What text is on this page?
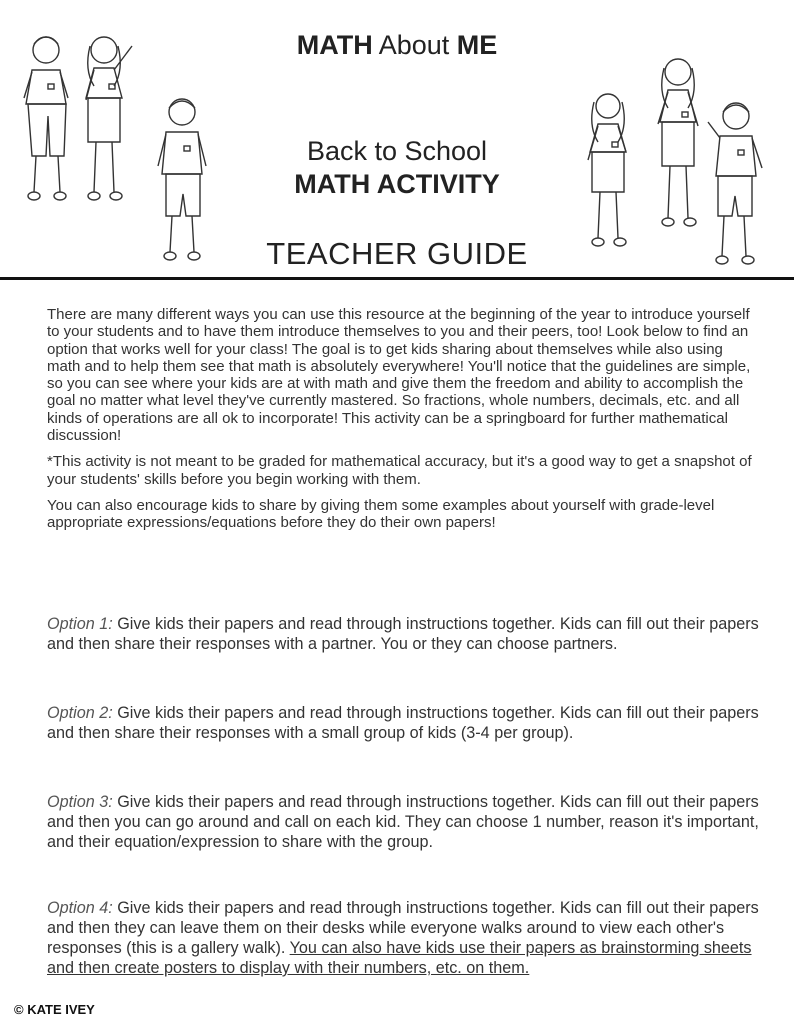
MATH About ME
Back to School
MATH ACTIVITY
TEACHER GUIDE

There are many different ways you can use this resource at the beginning of the year to introduce yourself to your students and to have them introduce themselves to you and their peers, too! Look below to find an option that works well for your class! The goal is to get kids sharing about themselves while also using math and to help them see that math is absolutely everywhere! You'll notice that the guidelines are simple, so you can see where your kids are at with math and give them the freedom and ability to accomplish the goal no matter what level they've currently mastered. So fractions, whole numbers, decimals, etc. and all kinds of operations are all ok to incorporate! This activity can be a springboard for further mathematical discussion!

*This activity is not meant to be graded for mathematical accuracy, but it's a good way to get a snapshot of your students' skills before you begin working with them.

You can also encourage kids to share by giving them some examples about yourself with grade-level appropriate expressions/equations before they do their own papers!

Option 1: Give kids their papers and read through instructions together. Kids can fill out their papers and then share their responses with a partner. You or they can choose partners.

Option 2: Give kids their papers and read through instructions together. Kids can fill out their papers and then share their responses with a small group of kids (3-4 per group).

Option 3: Give kids their papers and read through instructions together. Kids can fill out their papers and then you can go around and call on each kid. They can choose 1 number, reason it's important, and their equation/expression to share with the group.

Option 4: Give kids their papers and read through instructions together. Kids can fill out their papers and then they can leave them on their desks while everyone walks around to view each other's responses (this is a gallery walk). You can also have kids use their papers as brainstorming sheets and then create posters to display with their numbers, etc. on them.

© KATE IVEY
